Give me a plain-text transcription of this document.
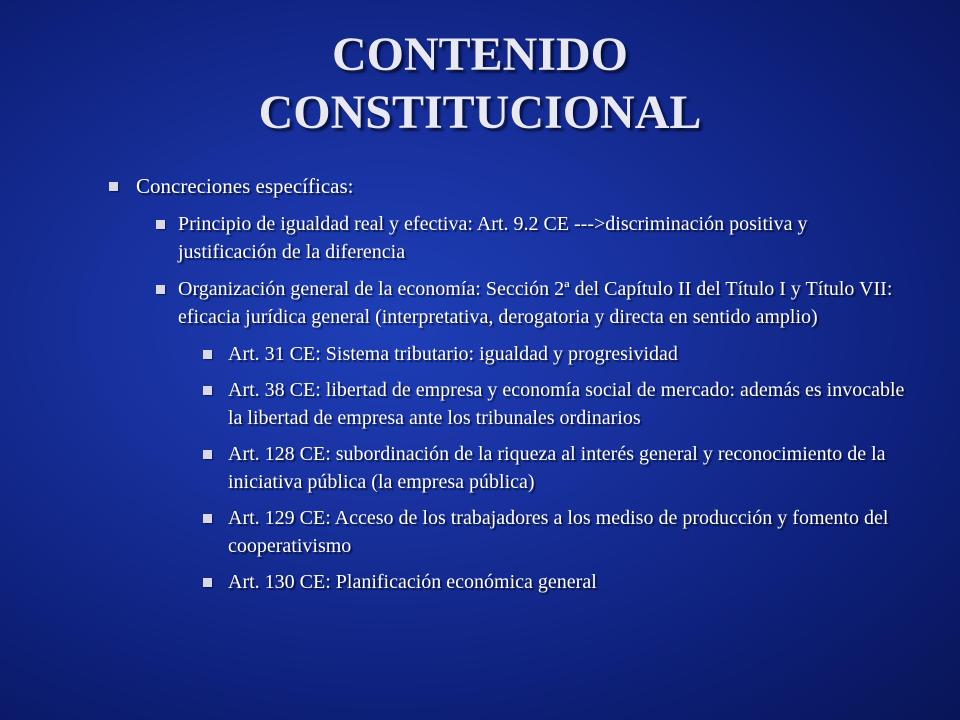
CONTENIDO
CONSTITUCIONAL
Concreciones específicas:
Principio de igualdad real y efectiva: Art. 9.2 CE --->discriminación positiva y justificación de la diferencia
Organización general de la economía: Sección 2ª del Capítulo II del Título I y Título VII: eficacia jurídica general (interpretativa, derogatoria y directa en sentido amplio)
Art. 31 CE: Sistema tributario: igualdad y progresividad
Art. 38 CE: libertad de empresa y economía social de mercado: además es invocable la libertad de empresa ante los tribunales ordinarios
Art. 128 CE: subordinación de la riqueza al interés general y reconocimiento de la iniciativa pública (la empresa pública)
Art. 129 CE: Acceso de los trabajadores a los mediso de producción y fomento del cooperativismo
Art. 130 CE: Planificación económica general
